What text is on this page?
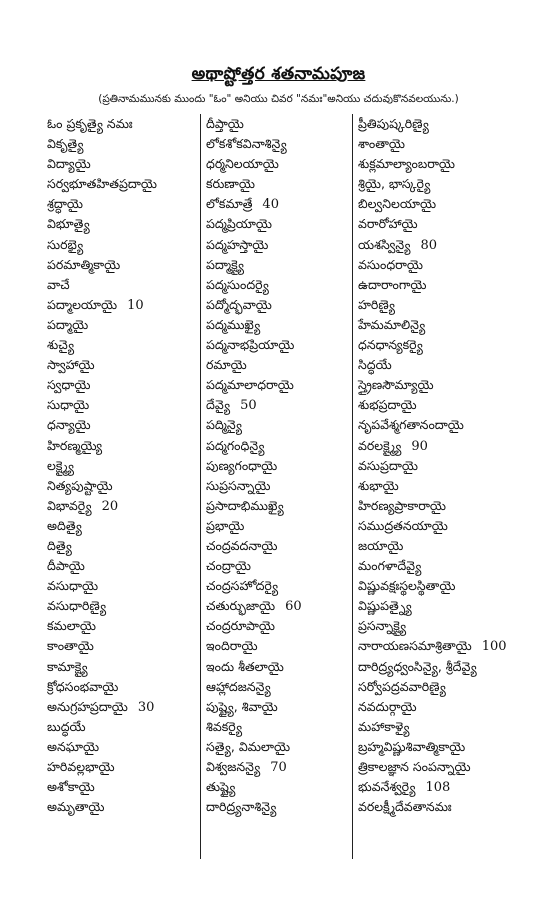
అథాష్టోత్తర శతనామపూజ
(ప్రతినామమునకు ముందు "ఓం" అనియు చివర "నమః"అనియు చదువుకొనవలయును.)
ఓం ప్రకృత్యై నమః
వికృత్యై
విద్యాయై
సర్వభూతహితప్రదాయై
శ్రద్ధాయై
విభూత్యై
సురభ్యై
పరమాత్మికాయై
వాచే
పద్మాలయాయై 10
పద్మాయై
శుచ్యై
స్వాహాయై
స్వధాయై
సుధాయై
ధన్యాయై
హిరణ్మయ్యై
లక్ష్మ్యై
నిత్యపుష్టాయై
విభావర్యై 20
అదిత్యై
దిత్యై
దీపాయై
వసుధాయై
వసుధారిణ్యై
కమలాయై
కాంతాయై
కామాక్ష్యై
క్రోధసంభవాయై
అనుగ్రహప్రదాయై 30
బుద్ధయే
అనఘాయై
హరివల్లభాయై
అశోకాయై
అమృతాయై
దీప్తాయై
లోకశోకవినాశిన్యై
ధర్మనిలయాయై
కరుణాయై
లోకమాత్రే 40
పద్మప్రియాయై
పద్మహస్తాయై
పద్మాక్ష్యై
పద్మసుందర్యై
పద్మోద్భవాయై
పద్మముఖ్యై
పద్మనాభప్రియాయై
రమాయై
పద్మమాలాధరాయై
దేవ్యై 50
పద్మిన్యై
పద్మగంధిన్యై
పుణ్యగంధాయై
సుప్రసన్నాయై
ప్రసాదాభిముఖ్యై
ప్రభాయై
చంద్రవదనాయై
చంద్రాయై
చంద్రసహోదర్యై
చతుర్భుజాయై 60
చంద్రరూపాయై
ఇందిరాయై
ఇందు శీతలాయై
ఆహ్లాదజనన్యై
పుష్ట్యై, శివాయై
శివకర్యై
సత్యై, విమలాయై
విశ్వజనన్యై 70
తుష్ట్యై
దారిద్ర్యనాశిన్యై
ప్రీతిపుష్కరిణ్యై
శాంతాయై
శుక్లమాల్యాంబరాయై
శ్రియై, భాస్కర్యై
బిల్వనిలయాయై
వరారోహాయై
యశస్విన్యై 80
వసుంధరాయై
ఉదారాంగాయై
హరిణ్యై
హేమమాలిన్యై
ధనధాన్యకర్యై
సిద్ధయే
స్త్రైణసౌమ్యాయై
శుభప్రదాయై
నృపవేశ్మగతానందాయై
వరలక్ష్మ్యై 90
వసుప్రదాయై
శుభాయై
హిరణ్యప్రాకారాయై
సముద్రతనయాయై
జయాయై
మంగళాదేవ్యై
విష్ణువక్షఃస్థలస్థితాయై
విష్ణుపత్న్యై
ప్రసన్నాక్ష్యై
నారాయణసమాశ్రితాయై 100
దారిద్ర్యధ్వంసిన్యై, శ్రీదేవ్యై
సర్వోపద్రవవారిణ్యై
నవదుర్గాయై
మహాకాళ్యై
బ్రహ్మవిష్ణుశివాత్మికాయై
త్రికాలజ్ఞాన సంపన్నాయై
భువనేశ్వర్యై 108
వరలక్ష్మీదేవతానమః
